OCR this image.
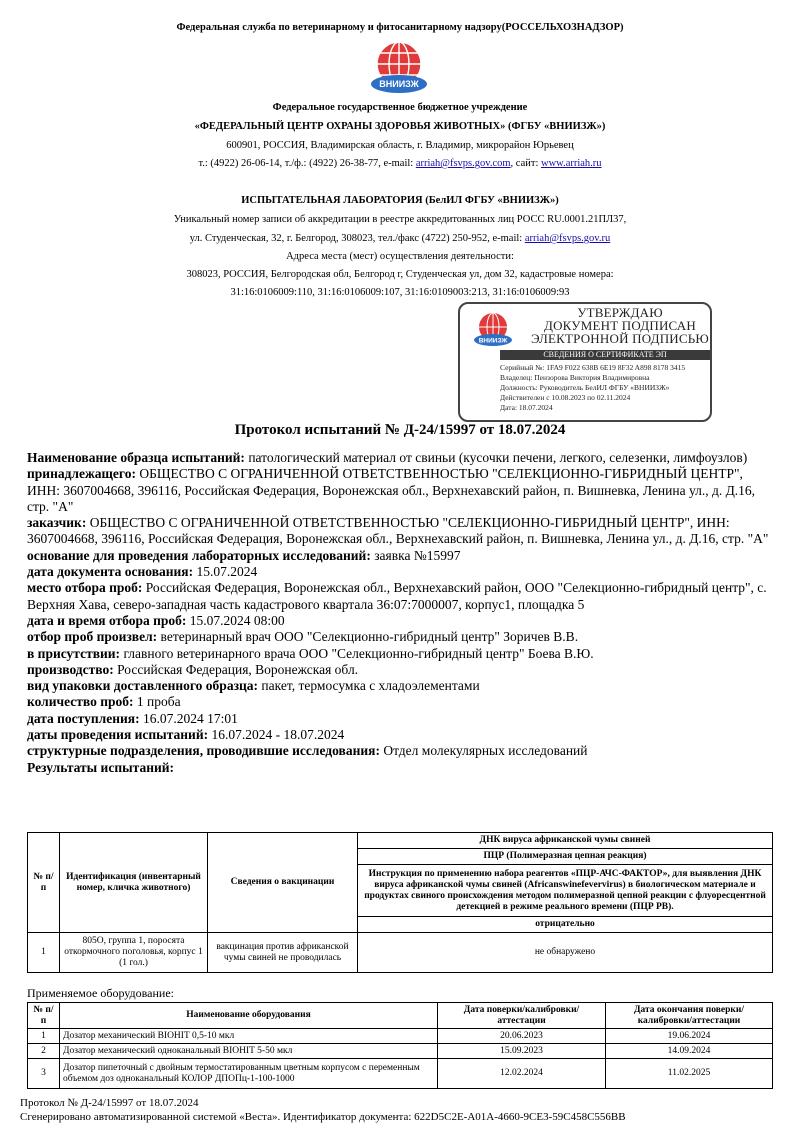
Федеральная служба по ветеринарному и фитосанитарному надзору(РОССЕЛЬХОЗНАДЗОР)
ВНИИЗЖ
Федеральное государственное бюджетное учреждение
«ФЕДЕРАЛЬНЫЙ ЦЕНТР ОХРАНЫ ЗДОРОВЬЯ ЖИВОТНЫХ» (ФГБУ «ВНИИЗЖ»)
600901, РОССИЯ, Владимирская область, г. Владимир, микрорайон Юрьевец
т.: (4922) 26-06-14, т./ф.: (4922) 26-38-77, e-mail: arriah@fsvps.gov.com, сайт: www.arriah.ru
ИСПЫТАТЕЛЬНАЯ ЛАБОРАТОРИЯ (БелИЛ ФГБУ «ВНИИЗЖ»)
Уникальный номер записи об аккредитации в реестре аккредитованных лиц РОСС RU.0001.21ПЛ37,
ул. Студенческая, 32, г. Белгород, 308023, тел./факс (4722) 250-952, e-mail: arriah@fsvps.gov.ru
Адреса места (мест) осуществления деятельности:
308023, РОССИЯ, Белгородская обл, Белгород г, Студенческая ул, дом 32, кадастровые номера:
31:16:0106009:110, 31:16:0106009:107, 31:16:0109003:213, 31:16:0106009:93
ВНИИЗЖ
УТВЕРЖДАЮ
ДОКУМЕНТ ПОДПИСАН
ЭЛЕКТРОННОЙ ПОДПИСЬЮ
СВЕДЕНИЯ О СЕРТИФИКАТЕ ЭП
Серийный №: 1FA9 F022 638B 6E19 8F32 A898 8178 3415
Владелец: Пензорова Виктория Владимировна
Должность: Руководитель БелИЛ ФГБУ «ВНИИЗЖ»
Действителен с 10.08.2023 по 02.11.2024
Дата: 18.07.2024
Протокол испытаний № Д-24/15997 от 18.07.2024

Наименование образца испытаний: патологический материал от свиньи (кусочки печени, легкого, селезенки, лимфоузлов)

принадлежащего: ОБЩЕСТВО С ОГРАНИЧЕННОЙ ОТВЕТСТВЕННОСТЬЮ "СЕЛЕКЦИОННО-ГИБРИДНЫЙ ЦЕНТР", ИНН: 3607004668, 396116, Российская Федерация, Воронежская обл., Верхнехавский район, п. Вишневка, Ленина ул., д. Д.16, стр. "А"

заказчик: ОБЩЕСТВО С ОГРАНИЧЕННОЙ ОТВЕТСТВЕННОСТЬЮ "СЕЛЕКЦИОННО-ГИБРИДНЫЙ ЦЕНТР", ИНН: 3607004668, 396116, Российская Федерация, Воронежская обл., Верхнехавский район, п. Вишневка, Ленина ул., д. Д.16, стр. "А"

основание для проведения лабораторных исследований: заявка №15997

дата документа основания: 15.07.2024

место отбора проб: Российская Федерация, Воронежская обл., Верхнехавский район, ООО "Селекционно-гибридный центр", с. Верхняя Хава, северо-западная часть кадастрового квартала 36:07:7000007, корпус1, площадка 5

дата и время отбора проб: 15.07.2024 08:00

отбор проб произвел: ветеринарный врач ООО "Селекционно-гибридный центр" Зоричев В.В.

в присутствии: главного ветеринарного врача ООО "Селекционно-гибридный центр" Боева В.Ю.

производство: Российская Федерация, Воронежская обл.

вид упаковки доставленного образца: пакет, термосумка с хладоэлементами

количество проб: 1 проба

дата поступления: 16.07.2024 17:01

даты проведения испытаний: 16.07.2024 - 18.07.2024

структурные подразделения, проводившие исследования: Отдел молекулярных исследований

Результаты испытаний:

№ п/п	Идентификация (инвентарный номер, кличка животного)	Сведения о вакцинации	ДНК вируса африканской чумы свиней
			ПЦР (Полимеразная цепная реакция)
			Инструкция по применению набора реагентов «ПЦР-АЧС-ФАКТОР», для выявления ДНК вируса африканской чумы свиней (Africanswinefevervirus) в биологическом материале и продуктах свиного происхождения методом полимеразной цепной реакции с флуоресцентной детекцией в режиме реального времени (ПЦР РВ).
			отрицательно
1	805О, группа 1, поросята откормочного поголовья, корпус 1 (1 гол.)	вакцинация против африканской чумы свиней не проводилась	не обнаружено
Применяемое оборудование:
№ п/п	Наименование оборудования	Дата поверки/калибровки/аттестации	Дата окончания поверки/калибровки/аттестации
1	Дозатор механический BIOHIT 0,5-10 мкл	20.06.2023	19.06.2024
2	Дозатор механический одноканальный BIOHIT 5-50 мкл	15.09.2023	14.09.2024
3	Дозатор пипеточный с двойным термостатированным цветным корпусом с переменным объемом доз одноканальный КОЛОР ДПОПц-1-100-1000	12.02.2024	11.02.2025
Протокол № Д-24/15997 от 18.07.2024
Сгенерировано автоматизированной системой «Веста». Идентификатор документа: 622D5C2E-A01A-4660-9CE3-59C458C556BB
